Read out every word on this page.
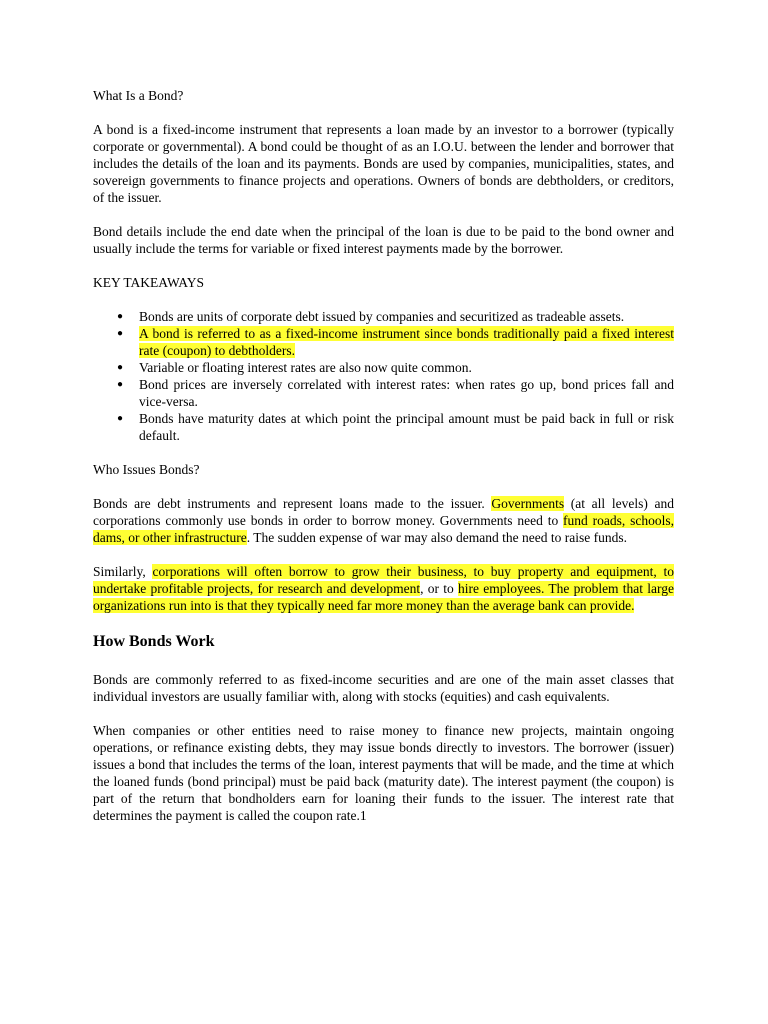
What Is a Bond?

A bond is a fixed-income instrument that represents a loan made by an investor to a borrower (typically corporate or governmental). A bond could be thought of as an I.O.U. between the lender and borrower that includes the details of the loan and its payments. Bonds are used by companies, municipalities, states, and sovereign governments to finance projects and operations. Owners of bonds are debtholders, or creditors, of the issuer.

Bond details include the end date when the principal of the loan is due to be paid to the bond owner and usually include the terms for variable or fixed interest payments made by the borrower.

KEY TAKEAWAYS

● Bonds are units of corporate debt issued by companies and securitized as tradeable assets.
● A bond is referred to as a fixed-income instrument since bonds traditionally paid a fixed interest rate (coupon) to debtholders.
● Variable or floating interest rates are also now quite common.
● Bond prices are inversely correlated with interest rates: when rates go up, bond prices fall and vice-versa.
● Bonds have maturity dates at which point the principal amount must be paid back in full or risk default.

Who Issues Bonds?

Bonds are debt instruments and represent loans made to the issuer. Governments (at all levels) and corporations commonly use bonds in order to borrow money. Governments need to fund roads, schools, dams, or other infrastructure. The sudden expense of war may also demand the need to raise funds.

Similarly, corporations will often borrow to grow their business, to buy property and equipment, to undertake profitable projects, for research and development, or to hire employees. The problem that large organizations run into is that they typically need far more money than the average bank can provide.

How Bonds Work

Bonds are commonly referred to as fixed-income securities and are one of the main asset classes that individual investors are usually familiar with, along with stocks (equities) and cash equivalents.

When companies or other entities need to raise money to finance new projects, maintain ongoing operations, or refinance existing debts, they may issue bonds directly to investors. The borrower (issuer) issues a bond that includes the terms of the loan, interest payments that will be made, and the time at which the loaned funds (bond principal) must be paid back (maturity date). The interest payment (the coupon) is part of the return that bondholders earn for loaning their funds to the issuer. The interest rate that determines the payment is called the coupon rate.1
